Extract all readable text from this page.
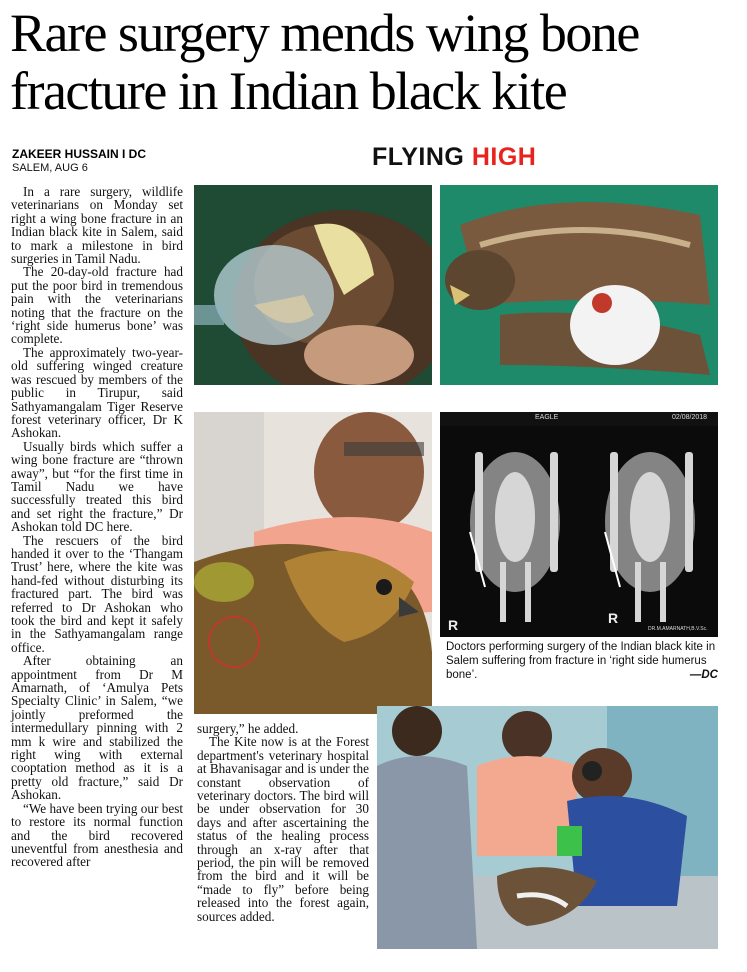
Rare surgery mends wing bone fracture in Indian black kite
ZAKEER HUSSAIN I DC
SALEM, AUG 6	FLYING HIGH

In a rare surgery, wildlife veterinarians on Monday set right a wing bone fracture in an Indian black kite in Salem, said to mark a milestone in bird surgeries in Tamil Nadu.

The 20-day-old fracture had put the poor bird in tremendous pain with the veterinarians noting that the fracture on the ‘right side humerus bone’ was complete.

The approximately two-year-old suffering winged creature was rescued by members of the public in Tirupur, said Sathyamangalam Tiger Reserve forest veterinary officer, Dr K Ashokan.

Usually birds which suffer a wing bone fracture are “thrown away”, but “for the first time in Tamil Nadu we have successfully treated this bird and set right the fracture,” Dr Ashokan told DC here.

The rescuers of the bird handed it over to the ‘Thangam Trust’ here, where the kite was hand-fed without disturbing its fractured part. The bird was referred to Dr Ashokan who took the bird and kept it safely in the Sathyamangalam range office.

After obtaining an appointment from Dr M Amarnath, of ‘Amulya Pets Specialty Clinic’ in Salem, “we jointly preformed the intermedullary pinning with 2 mm k wire and stabilized the right wing with external cooptation method as it is a pretty old fracture,” said Dr Ashokan.

“We have been trying our best to restore its normal function and the bird recovered uneventful from anesthesia and recovered after

surgery,” he added.

The Kite now is at the Forest department's veterinary hospital at Bhavanisagar and is under the constant observation of veterinary doctors. The bird will be under observation for 30 days and after ascertaining the status of the healing process through an x-ray after that period, the pin will be removed from the bird and it will be “made to fly” before being released into the forest again, sources added.

EAGLE	02/08/2018
R	R
DR.M.AMARNATH,B.V.Sc.
Doctors performing surgery of the Indian black kite in Salem suffering from fracture in ‘right side humerus bone’.	—DC
